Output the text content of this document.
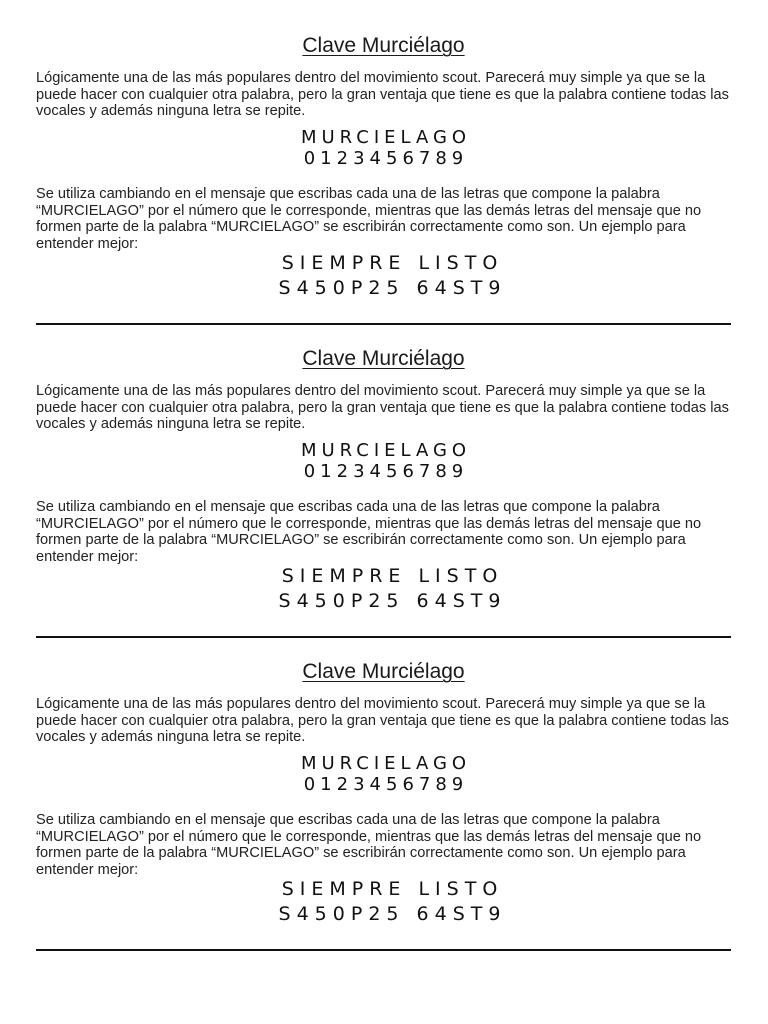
Clave Murciélago

Lógicamente una de las más populares dentro del movimiento scout. Parecerá muy simple ya que se la puede hacer con cualquier otra palabra, pero la gran ventaja que tiene es que la palabra contiene todas las vocales y además ninguna letra se repite.

MURCIELAGO
0123456789

Se utiliza cambiando en el mensaje que escribas cada una de las letras que compone la palabra “MURCIELAGO” por el número que le corresponde, mientras que las demás letras del mensaje que no formen parte de la palabra “MURCIELAGO” se escribirán correctamente como son. Un ejemplo para entender mejor:

SIEMPRE LISTO
S450P25 64ST9
Clave Murciélago

Lógicamente una de las más populares dentro del movimiento scout. Parecerá muy simple ya que se la puede hacer con cualquier otra palabra, pero la gran ventaja que tiene es que la palabra contiene todas las vocales y además ninguna letra se repite.

MURCIELAGO
0123456789

Se utiliza cambiando en el mensaje que escribas cada una de las letras que compone la palabra “MURCIELAGO” por el número que le corresponde, mientras que las demás letras del mensaje que no formen parte de la palabra “MURCIELAGO” se escribirán correctamente como son. Un ejemplo para entender mejor:

SIEMPRE LISTO
S450P25 64ST9
Clave Murciélago

Lógicamente una de las más populares dentro del movimiento scout. Parecerá muy simple ya que se la puede hacer con cualquier otra palabra, pero la gran ventaja que tiene es que la palabra contiene todas las vocales y además ninguna letra se repite.

MURCIELAGO
0123456789

Se utiliza cambiando en el mensaje que escribas cada una de las letras que compone la palabra “MURCIELAGO” por el número que le corresponde, mientras que las demás letras del mensaje que no formen parte de la palabra “MURCIELAGO” se escribirán correctamente como son. Un ejemplo para entender mejor:

SIEMPRE LISTO
S450P25 64ST9
